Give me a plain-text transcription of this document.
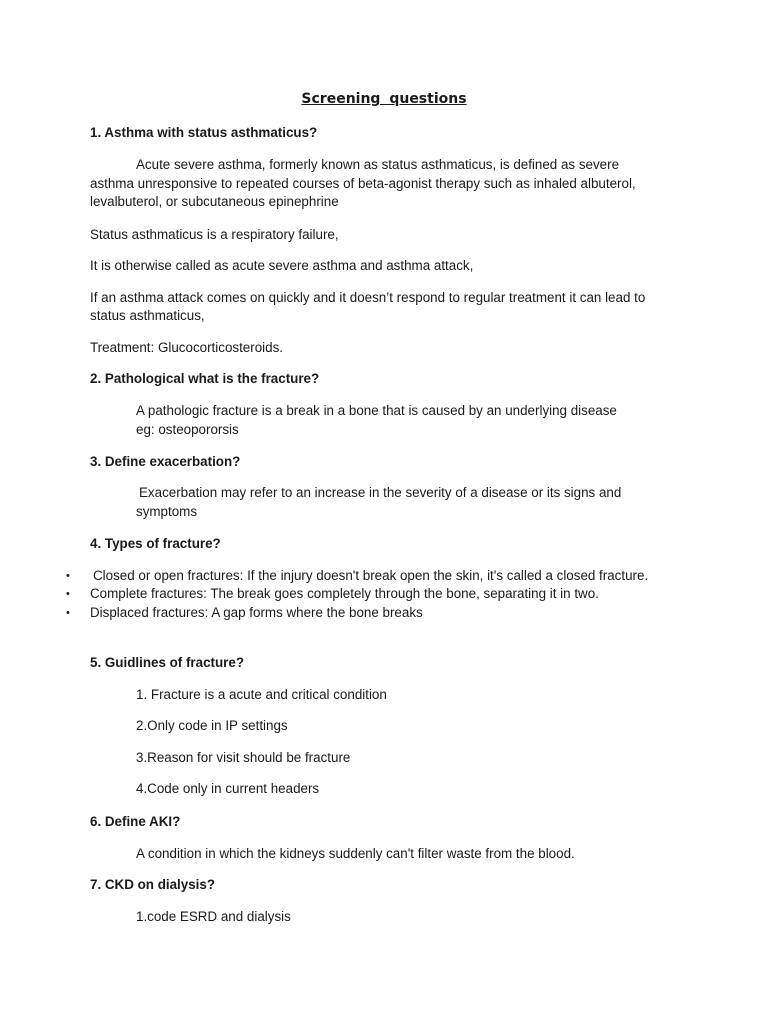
Screening questions
1. Asthma with status asthmaticus?
Acute severe asthma, formerly known as status asthmaticus, is defined as severe
asthma unresponsive to repeated courses of beta-agonist therapy such as inhaled albuterol,
levalbuterol, or subcutaneous epinephrine
Status asthmaticus is a respiratory failure,
It is otherwise called as acute severe asthma and asthma attack,
If an asthma attack comes on quickly and it doesn’t respond to regular treatment it can lead to
status asthmaticus,
Treatment: Glucocorticosteroids.
2. Pathological what is the fracture?
A pathologic fracture is a break in a bone that is caused by an underlying disease
eg: osteopororsis
3. Define exacerbation?
Exacerbation may refer to an increase in the severity of a disease or its signs and
symptoms
4. Types of fracture?
• Closed or open fractures: If the injury doesn't break open the skin, it's called a closed fracture.
• Complete fractures: The break goes completely through the bone, separating it in two.
• Displaced fractures: A gap forms where the bone breaks
5. Guidlines of fracture?
1. Fracture is a acute and critical condition
2.Only code in IP settings
3.Reason for visit should be fracture
4.Code only in current headers
6. Define AKI?
A condition in which the kidneys suddenly can't filter waste from the blood.
7. CKD on dialysis?
1.code ESRD and dialysis
